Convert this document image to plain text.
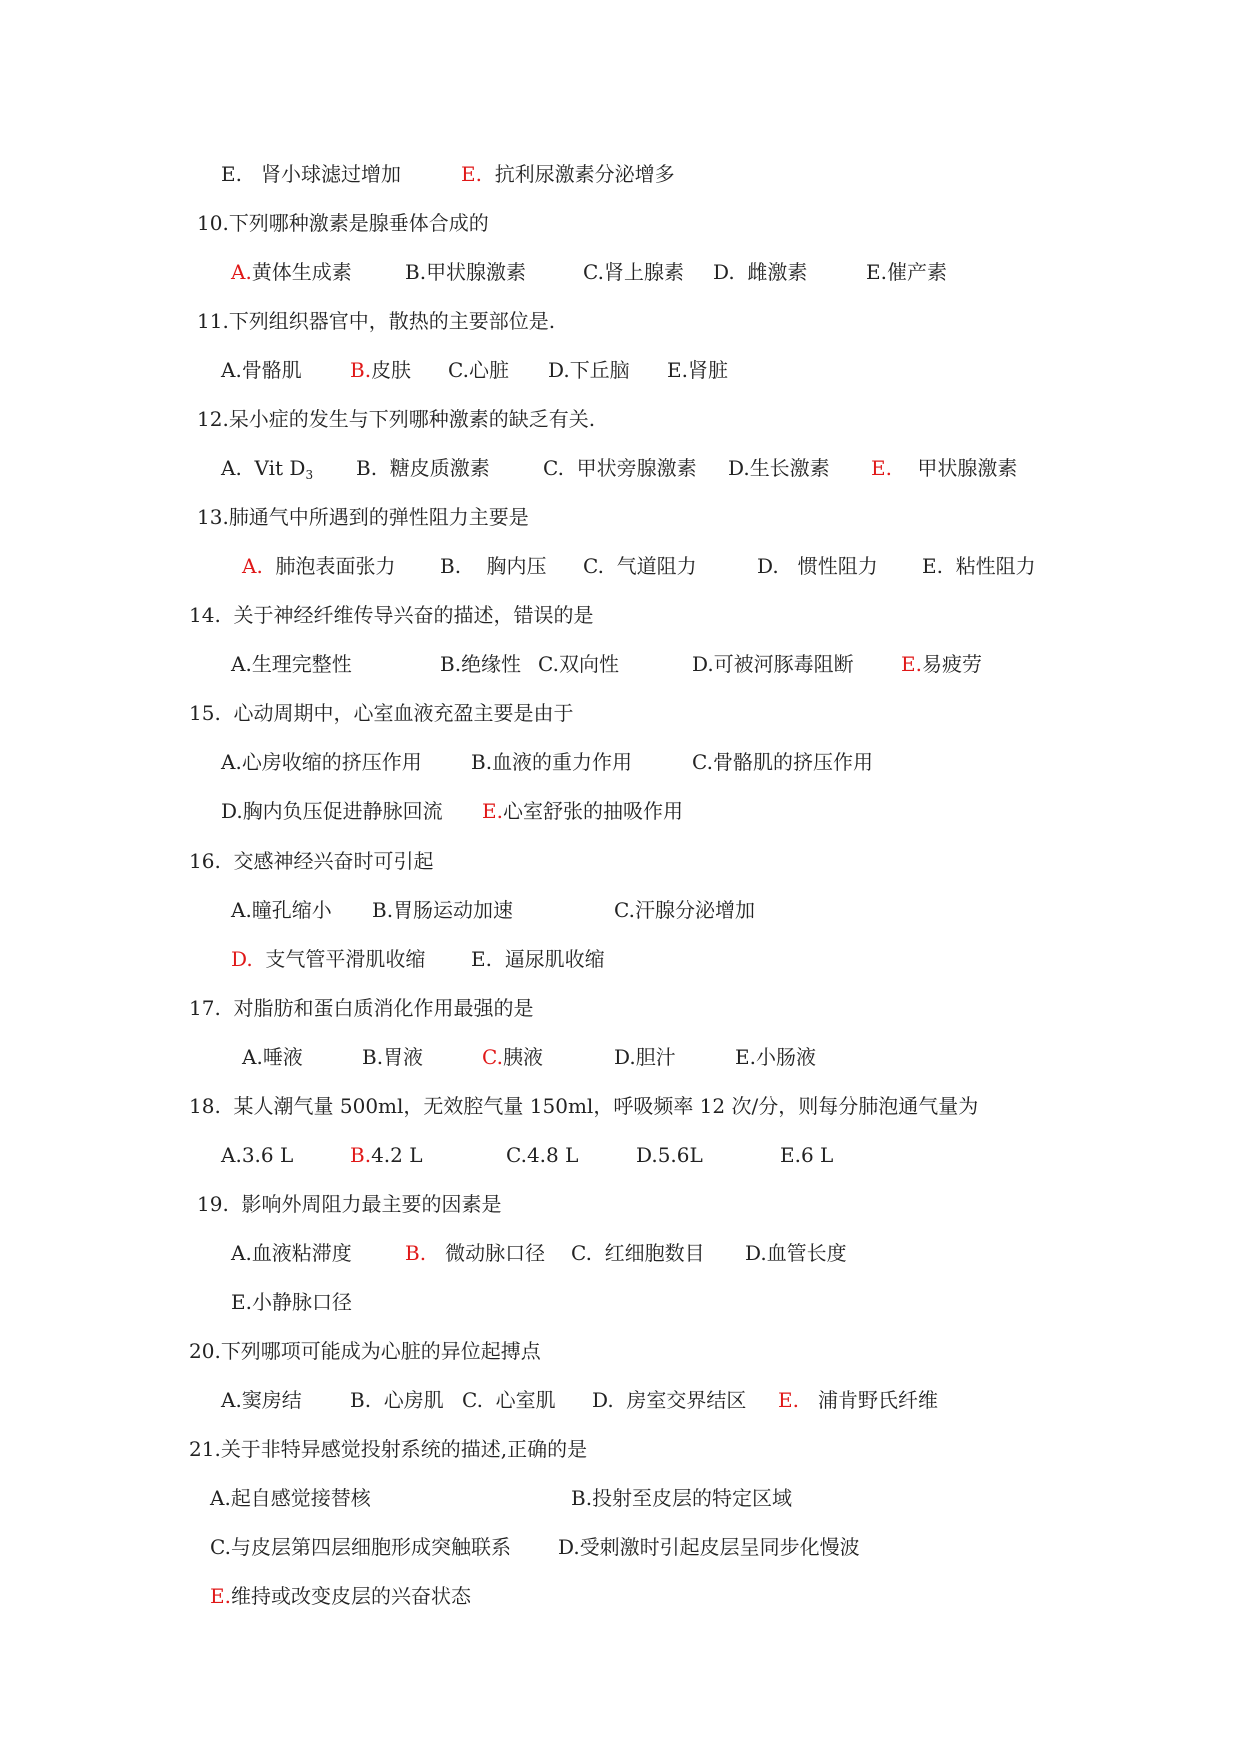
E. 肾小球滤过增加	E. 抗利尿激素分泌增多
10.下列哪种激素是腺垂体合成的
A.黄体生成素	B.甲状腺激素	C.肾上腺素 D. 雌激素	E.催产素
11.下列组织器官中，散热的主要部位是.
A.骨骼肌 B.皮肤 C.心脏 D.下丘脑 E.肾脏
12.呆小症的发生与下列哪种激素的缺乏有关.
A. Vit $D_3$ B. 糖皮质激素	C. 甲状旁腺激素 D.生长激素 E. 甲状腺激素
13.肺通气中所遇到的弹性阻力主要是
A. 肺泡表面张力 B. 胸内压 C. 气道阻力	D. 惯性阻力 E. 粘性阻力
14. 关于神经纤维传导兴奋的描述，错误的是
A.生理完整性	B.绝缘性 C.双向性	D.可被河豚毒阻断 E.易疲劳
15. 心动周期中，心室血液充盈主要是由于
A.心房收缩的挤压作用 B.血液的重力作用	C.骨骼肌的挤压作用
D.胸内负压促进静脉回流 E.心室舒张的抽吸作用
16. 交感神经兴奋时可引起
A.瞳孔缩小 B.胃肠运动加速	C.汗腺分泌增加
D. 支气管平滑肌收缩 E. 逼尿肌收缩
17. 对脂肪和蛋白质消化作用最强的是
A.唾液	B.胃液	C.胰液	D.胆汁	E.小肠液
18. 某人潮气量 500ml，无效腔气量 150ml，呼吸频率 12 次/分，则每分肺泡通气量为
A.3.6 L	B.4.2 L	C.4.8 L	D.5.6L	E.6 L
19. 影响外周阻力最主要的因素是
A.血液粘滞度	B. 微动脉口径 C. 红细胞数目 D.血管长度
E.小静脉口径
20.下列哪项可能成为心脏的异位起搏点
A.窦房结 B. 心房肌 C. 心室肌 D. 房室交界结区 E. 浦肯野氏纤维
21.关于非特异感觉投射系统的描述,正确的是
A.起自感觉接替核	B.投射至皮层的特定区域
C.与皮层第四层细胞形成突触联系 D.受刺激时引起皮层呈同步化慢波
E.维持或改变皮层的兴奋状态
